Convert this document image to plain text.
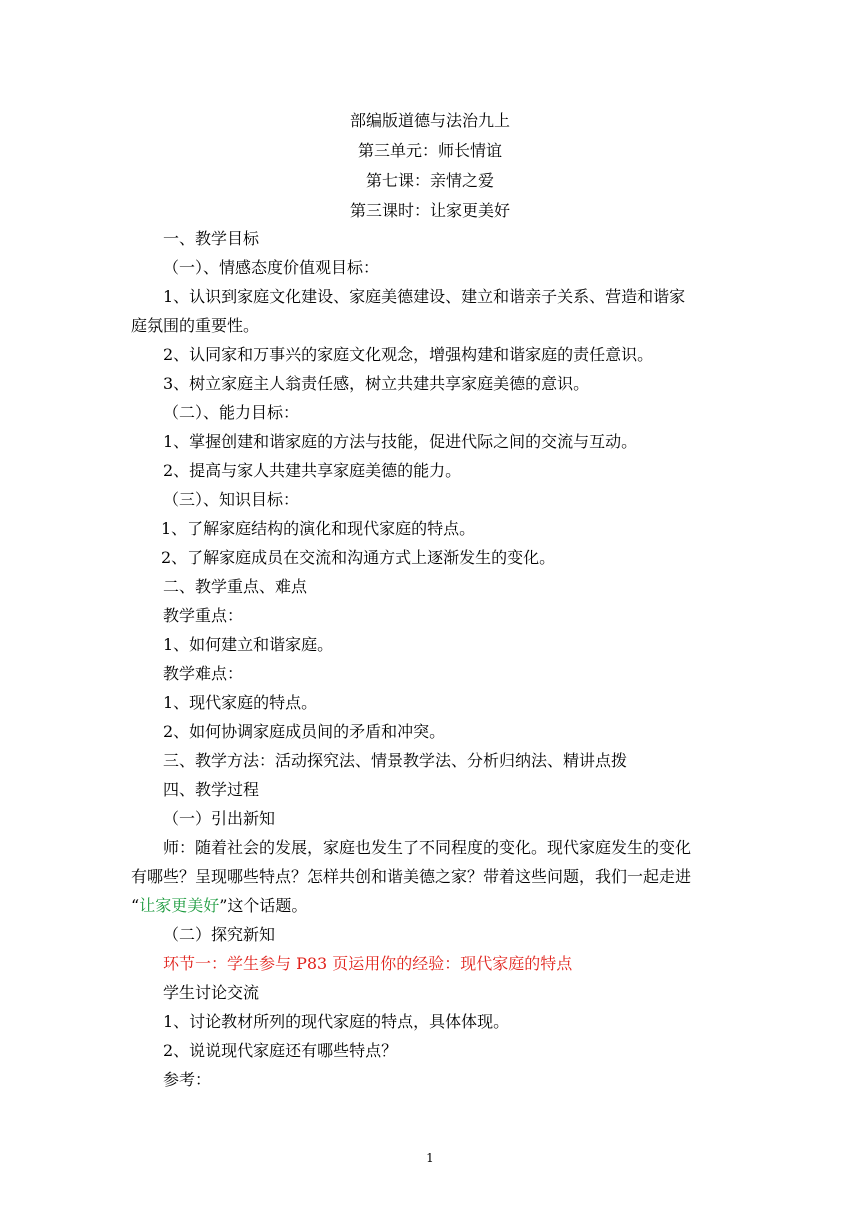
部编版道德与法治九上
第三单元：师长情谊
第七课：亲情之爱
第三课时：让家更美好
一、教学目标
（一）、情感态度价值观目标：
1、认识到家庭文化建设、家庭美德建设、建立和谐亲子关系、营造和谐家
庭氛围的重要性。
2、认同家和万事兴的家庭文化观念，增强构建和谐家庭的责任意识。
3、树立家庭主人翁责任感，树立共建共享家庭美德的意识。
（二）、能力目标：
1、掌握创建和谐家庭的方法与技能，促进代际之间的交流与互动。
2、提高与家人共建共享家庭美德的能力。
（三）、知识目标：
1、了解家庭结构的演化和现代家庭的特点。
2、了解家庭成员在交流和沟通方式上逐渐发生的变化。
二、教学重点、难点
教学重点：
1、如何建立和谐家庭。
教学难点：
1、现代家庭的特点。
2、如何协调家庭成员间的矛盾和冲突。
三、教学方法：活动探究法、情景教学法、分析归纳法、精讲点拨
四、教学过程
（一）引出新知
师：随着社会的发展，家庭也发生了不同程度的变化。现代家庭发生的变化
有哪些？呈现哪些特点？怎样共创和谐美德之家？带着这些问题，我们一起走进
“让家更美好”这个话题。
（二）探究新知
环节一：学生参与 P83 页运用你的经验：现代家庭的特点
学生讨论交流
1、讨论教材所列的现代家庭的特点，具体体现。
2、说说现代家庭还有哪些特点？
参考：
1
